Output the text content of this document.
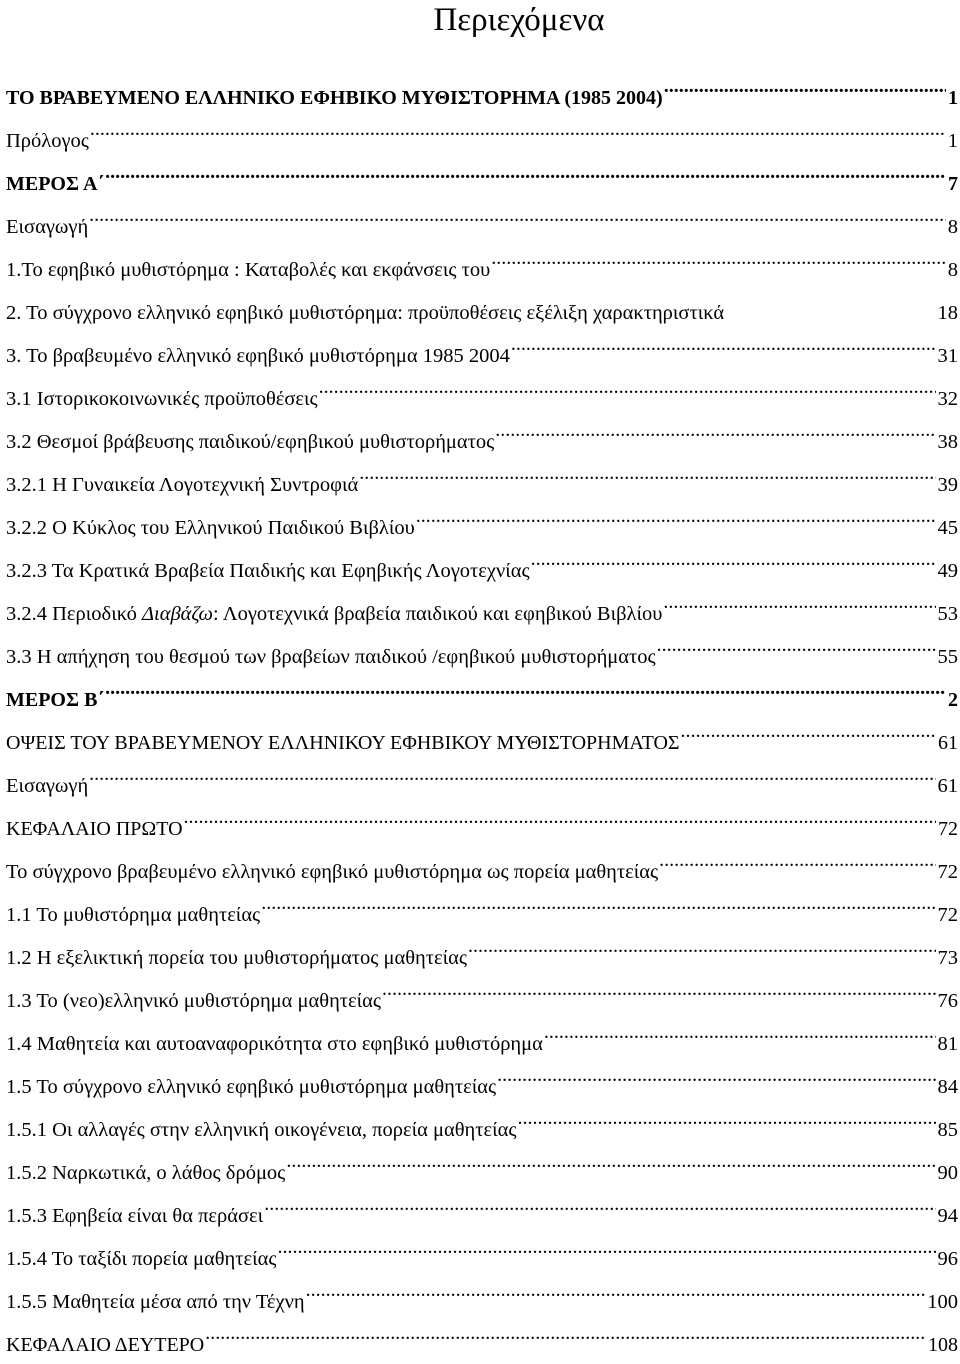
Περιεχόμενα
ΤΟ ΒΡΑΒΕΥΜΕΝΟ ΕΛΛΗΝΙΚΟ ΕΦΗΒΙΚΟ ΜΥΘΙΣΤΟΡΗΜΑ (1985 2004) .....	1
Πρόλογος .....	1
ΜΕΡΟΣ Α΄ .....	7
Εισαγωγή .....	8
1.Το εφηβικό μυθιστόρημα : Καταβολές και εκφάνσεις του .....	8
2. Το σύγχρονο ελληνικό εφηβικό μυθιστόρημα: προϋποθέσεις εξέλιξη χαρακτηριστικά	18
3. Το βραβευμένο ελληνικό εφηβικό μυθιστόρημα 1985 2004 .....	31
3.1 Ιστορικοκοινωνικές προϋποθέσεις .....	32
3.2 Θεσμοί βράβευσης παιδικού/εφηβικού μυθιστορήματος .....	38
3.2.1 Η Γυναικεία Λογοτεχνική Συντροφιά .....	39
3.2.2 Ο Κύκλος του Ελληνικού Παιδικού Βιβλίου .....	45
3.2.3 Τα Κρατικά Βραβεία Παιδικής και Εφηβικής Λογοτεχνίας .....	49
3.2.4 Περιοδικό Διαβάζω: Λογοτεχνικά βραβεία παιδικού και εφηβικού Βιβλίου .....	53
3.3 Η απήχηση του θεσμού των βραβείων παιδικού /εφηβικού μυθιστορήματος .....	55
ΜΕΡΟΣ Β΄ .....	2
ΟΨΕΙΣ ΤΟΥ ΒΡΑΒΕΥΜΕΝΟΥ ΕΛΛΗΝΙΚΟΥ ΕΦΗΒΙΚΟΥ ΜΥΘΙΣΤΟΡΗΜΑΤΟΣ .....	61
Εισαγωγή .....	61
ΚΕΦΑΛΑΙΟ ΠΡΩΤΟ .....	72
Το σύγχρονο βραβευμένο ελληνικό εφηβικό μυθιστόρημα ως πορεία μαθητείας .....	72
1.1 Το μυθιστόρημα μαθητείας .....	72
1.2 Η εξελικτική πορεία του μυθιστορήματος μαθητείας .....	73
1.3 Το (νεο)ελληνικό μυθιστόρημα μαθητείας .....	76
1.4 Μαθητεία και αυτοαναφορικότητα στο εφηβικό μυθιστόρημα .....	81
1.5 Το σύγχρονο ελληνικό εφηβικό μυθιστόρημα μαθητείας .....	84
1.5.1 Οι αλλαγές στην ελληνική οικογένεια, πορεία μαθητείας .....	85
1.5.2 Ναρκωτικά, ο λάθος δρόμος .....	90
1.5.3 Εφηβεία είναι θα περάσει .....	94
1.5.4 Το ταξίδι πορεία μαθητείας .....	96
1.5.5 Μαθητεία μέσα από την Τέχνη .....	100
ΚΕΦΑΛΑΙΟ ΔΕΥΤΕΡΟ .....	108
